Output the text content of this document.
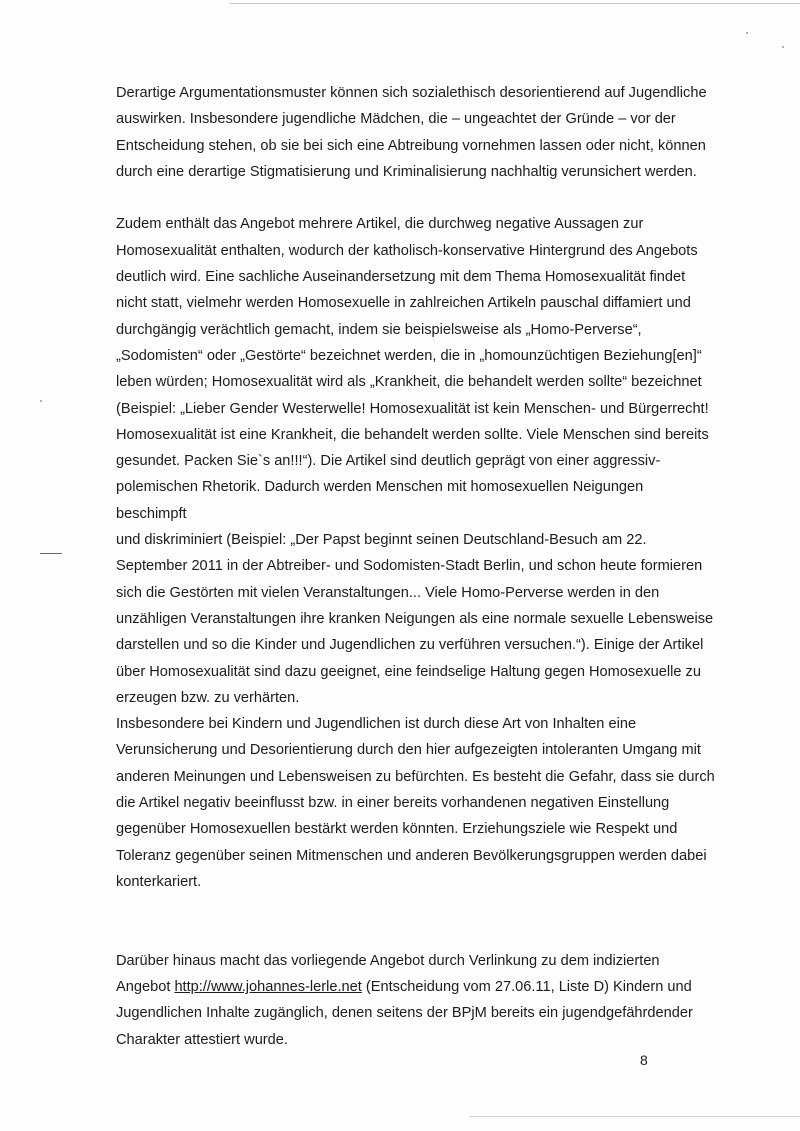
Derartige Argumentationsmuster können sich sozialethisch desorientierend auf Jugendliche
auswirken. Insbesondere jugendliche Mädchen, die – ungeachtet der Gründe – vor der
Entscheidung stehen, ob sie bei sich eine Abtreibung vornehmen lassen oder nicht, können
durch eine derartige Stigmatisierung und Kriminalisierung nachhaltig verunsichert werden.

Zudem enthält das Angebot mehrere Artikel, die durchweg negative Aussagen zur
Homosexualität enthalten, wodurch der katholisch-konservative Hintergrund des Angebots
deutlich wird. Eine sachliche Auseinandersetzung mit dem Thema Homosexualität findet
nicht statt, vielmehr werden Homosexuelle in zahlreichen Artikeln pauschal diffamiert und
durchgängig verächtlich gemacht, indem sie beispielsweise als „Homo-Perverse“,
„Sodomisten“ oder „Gestörte“ bezeichnet werden, die in „homounzüchtigen Beziehung[en]“
leben würden; Homosexualität wird als „Krankheit, die behandelt werden sollte“ bezeichnet
(Beispiel: „Lieber Gender Westerwelle! Homosexualität ist kein Menschen- und Bürgerrecht!
Homosexualität ist eine Krankheit, die behandelt werden sollte. Viele Menschen sind bereits
gesundet. Packen Sie`s an!!!“). Die Artikel sind deutlich geprägt von einer aggressiv-
polemischen Rhetorik. Dadurch werden Menschen mit homosexuellen Neigungen beschimpft
und diskriminiert (Beispiel: „Der Papst beginnt seinen Deutschland-Besuch am 22.
September 2011 in der Abtreiber- und Sodomisten-Stadt Berlin, und schon heute formieren
sich die Gestörten mit vielen Veranstaltungen... Viele Homo-Perverse werden in den
unzähligen Veranstaltungen ihre kranken Neigungen als eine normale sexuelle Lebensweise
darstellen und so die Kinder und Jugendlichen zu verführen versuchen.“). Einige der Artikel
über Homosexualität sind dazu geeignet, eine feindselige Haltung gegen Homosexuelle zu
erzeugen bzw. zu verhärten.

Insbesondere bei Kindern und Jugendlichen ist durch diese Art von Inhalten eine
Verunsicherung und Desorientierung durch den hier aufgezeigten intoleranten Umgang mit
anderen Meinungen und Lebensweisen zu befürchten. Es besteht die Gefahr, dass sie durch
die Artikel negativ beeinflusst bzw. in einer bereits vorhandenen negativen Einstellung
gegenüber Homosexuellen bestärkt werden könnten. Erziehungsziele wie Respekt und
Toleranz gegenüber seinen Mitmenschen und anderen Bevölkerungsgruppen werden dabei
konterkariert.

Darüber hinaus macht das vorliegende Angebot durch Verlinkung zu dem indizierten
Angebot http://www.johannes-lerle.net (Entscheidung vom 27.06.11, Liste D) Kindern und
Jugendlichen Inhalte zugänglich, denen seitens der BPjM bereits ein jugendgefährdender
Charakter attestiert wurde.

8
